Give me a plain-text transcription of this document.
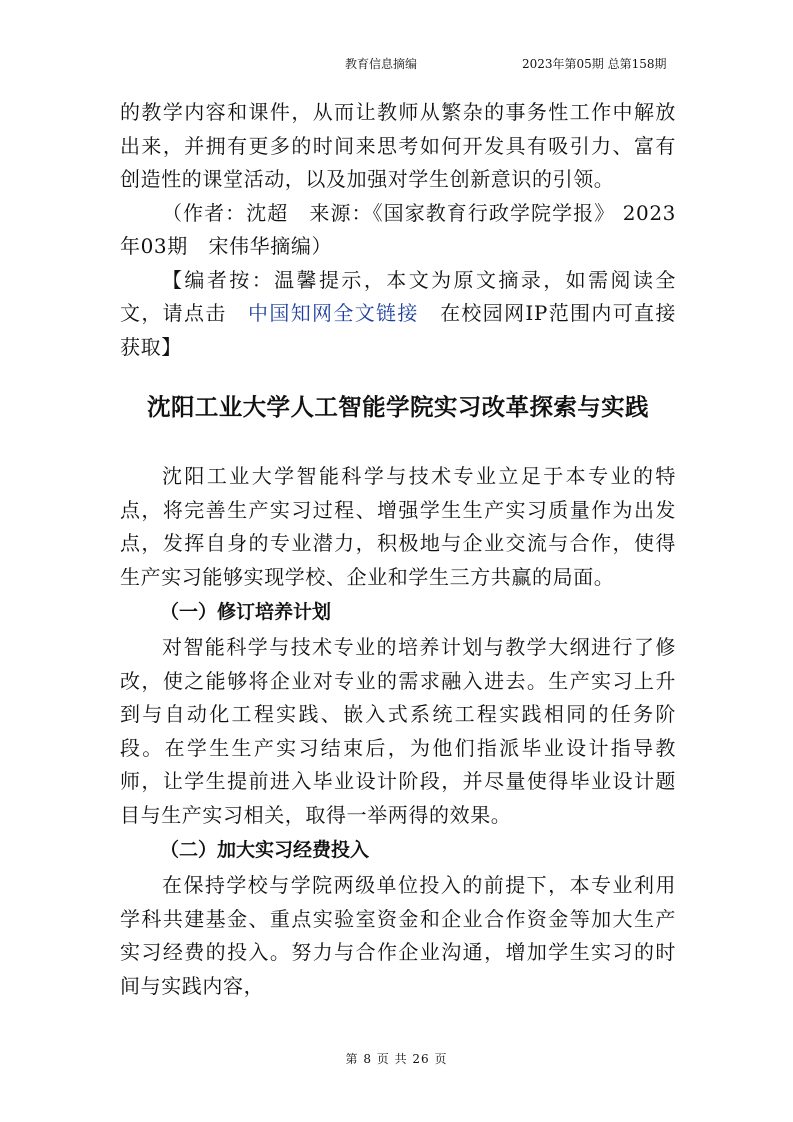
教育信息摘编	2023年第05期 总第158期

的教学内容和课件，从而让教师从繁杂的事务性工作中解放出来，并拥有更多的时间来思考如何开发具有吸引力、富有创造性的课堂活动，以及加强对学生创新意识的引领。

（作者：沈超　来源：《国家教育行政学院学报》 2023年03期　宋伟华摘编）

【编者按：温馨提示，本文为原文摘录，如需阅读全文，请点击　中国知网全文链接　在校园网IP范围内可直接获取】

沈阳工业大学人工智能学院实习改革探索与实践

沈阳工业大学智能科学与技术专业立足于本专业的特点，将完善生产实习过程、增强学生生产实习质量作为出发点，发挥自身的专业潜力，积极地与企业交流与合作，使得生产实习能够实现学校、企业和学生三方共赢的局面。

（一）修订培养计划

对智能科学与技术专业的培养计划与教学大纲进行了修改，使之能够将企业对专业的需求融入进去。生产实习上升到与自动化工程实践、嵌入式系统工程实践相同的任务阶段。在学生生产实习结束后，为他们指派毕业设计指导教师，让学生提前进入毕业设计阶段，并尽量使得毕业设计题目与生产实习相关，取得一举两得的效果。

（二）加大实习经费投入

在保持学校与学院两级单位投入的前提下，本专业利用学科共建基金、重点实验室资金和企业合作资金等加大生产实习经费的投入。努力与合作企业沟通，增加学生实习的时间与实践内容，

第 8 页 共 26 页
